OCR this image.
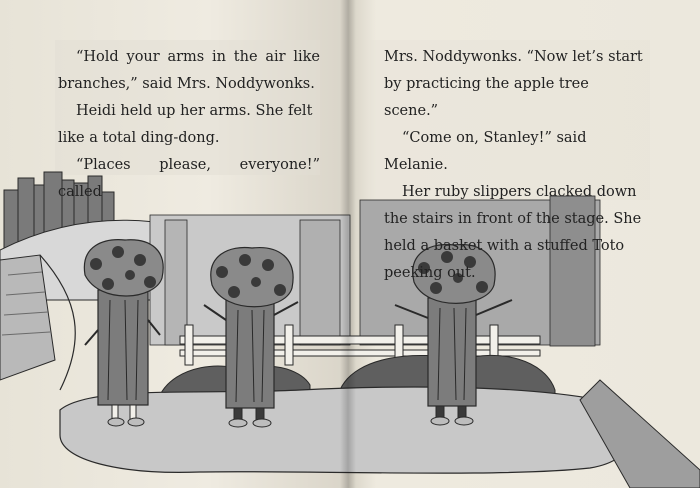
“Hold your arms in the air like branches,” said Mrs. Noddywonks.

Heidi held up her arms. She felt like a total ding-dong.

“Places please, everyone!” called

Mrs. Noddywonks. “Now let’s start by practicing the apple tree scene.”

“Come on, Stanley!” said Melanie.

Her ruby slippers clacked down the stairs in front of the stage. She held a basket with a stuffed Toto peeking out.
